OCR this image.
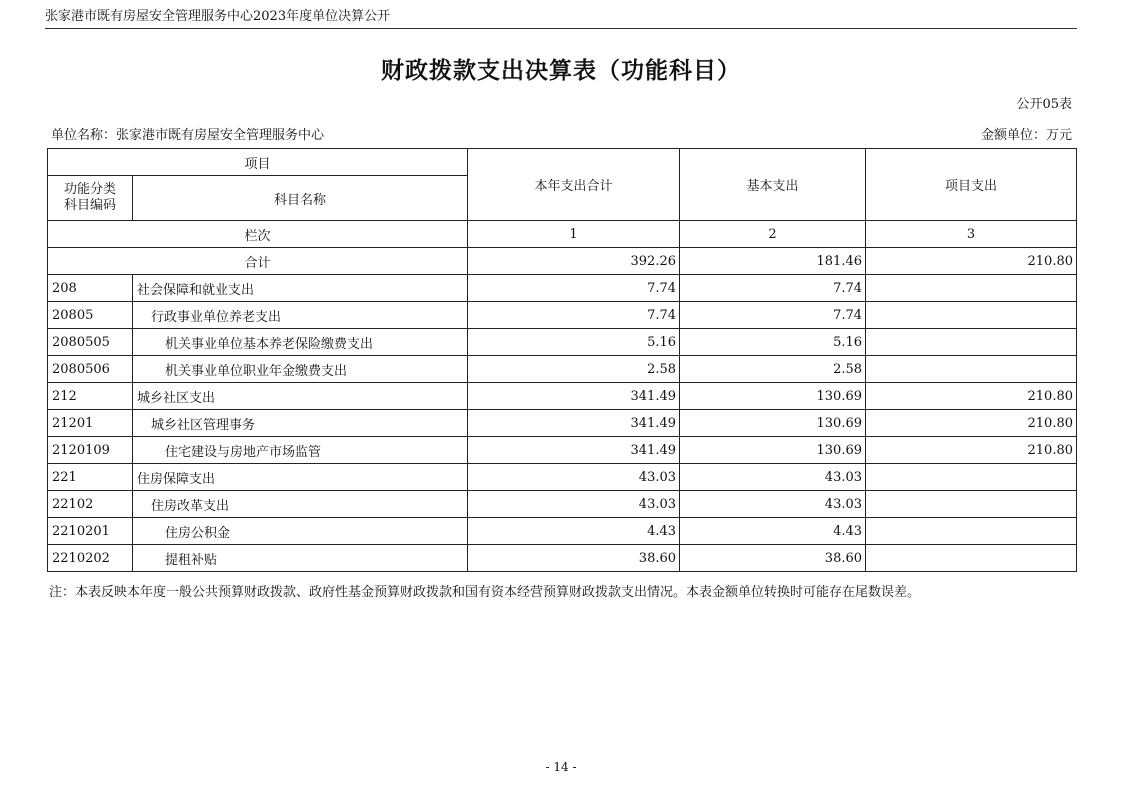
张家港市既有房屋安全管理服务中心2023年度单位决算公开
财政拨款支出决算表（功能科目）
公开05表
单位名称：张家港市既有房屋安全管理服务中心	金额单位：万元
项目		本年支出合计	基本支出	项目支出

功能分类
科目编码	科目名称			
栏次		1	2	3
合计		392.26	181.46	210.80
208	社会保障和就业支出	7.74	7.74	
20805	行政事业单位养老支出	7.74	7.74	
2080505	机关事业单位基本养老保险缴费支出	5.16	5.16	
2080506	机关事业单位职业年金缴费支出	2.58	2.58	
212	城乡社区支出	341.49	130.69	210.80
21201	城乡社区管理事务	341.49	130.69	210.80
2120109	住宅建设与房地产市场监管	341.49	130.69	210.80
221	住房保障支出	43.03	43.03	
22102	住房改革支出	43.03	43.03	
2210201	住房公积金	4.43	4.43	
2210202	提租补贴	38.60	38.60	
注：本表反映本年度一般公共预算财政拨款、政府性基金预算财政拨款和国有资本经营预算财政拨款支出情况。本表金额单位转换时可能存在尾数误差。
- 14 -
